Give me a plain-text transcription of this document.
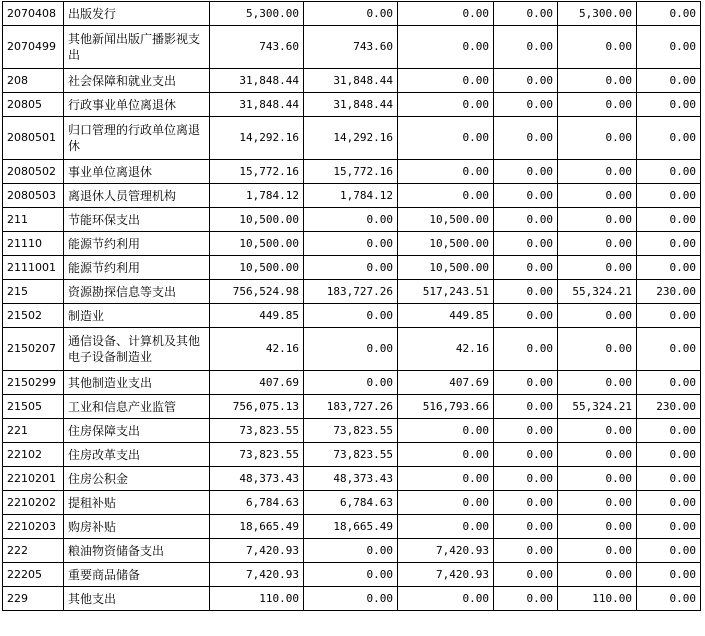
2070408	出版发行	5,300.00	0.00	0.00	0.00	5,300.00	0.00
2070499	其他新闻出版广播影视支出	743.60	743.60	0.00	0.00	0.00	0.00
208	社会保障和就业支出	31,848.44	31,848.44	0.00	0.00	0.00	0.00
20805	行政事业单位离退休	31,848.44	31,848.44	0.00	0.00	0.00	0.00
2080501	归口管理的行政单位离退休	14,292.16	14,292.16	0.00	0.00	0.00	0.00
2080502	事业单位离退休	15,772.16	15,772.16	0.00	0.00	0.00	0.00
2080503	离退休人员管理机构	1,784.12	1,784.12	0.00	0.00	0.00	0.00
211	节能环保支出	10,500.00	0.00	10,500.00	0.00	0.00	0.00
21110	能源节约利用	10,500.00	0.00	10,500.00	0.00	0.00	0.00
2111001	能源节约利用	10,500.00	0.00	10,500.00	0.00	0.00	0.00
215	资源勘探信息等支出	756,524.98	183,727.26	517,243.51	0.00	55,324.21	230.00
21502	制造业	449.85	0.00	449.85	0.00	0.00	0.00
2150207	通信设备、计算机及其他电子设备制造业	42.16	0.00	42.16	0.00	0.00	0.00
2150299	其他制造业支出	407.69	0.00	407.69	0.00	0.00	0.00
21505	工业和信息产业监管	756,075.13	183,727.26	516,793.66	0.00	55,324.21	230.00
221	住房保障支出	73,823.55	73,823.55	0.00	0.00	0.00	0.00
22102	住房改革支出	73,823.55	73,823.55	0.00	0.00	0.00	0.00
2210201	住房公积金	48,373.43	48,373.43	0.00	0.00	0.00	0.00
2210202	提租补贴	6,784.63	6,784.63	0.00	0.00	0.00	0.00
2210203	购房补贴	18,665.49	18,665.49	0.00	0.00	0.00	0.00
222	粮油物资储备支出	7,420.93	0.00	7,420.93	0.00	0.00	0.00
22205	重要商品储备	7,420.93	0.00	7,420.93	0.00	0.00	0.00
229	其他支出	110.00	0.00	0.00	0.00	110.00	0.00
